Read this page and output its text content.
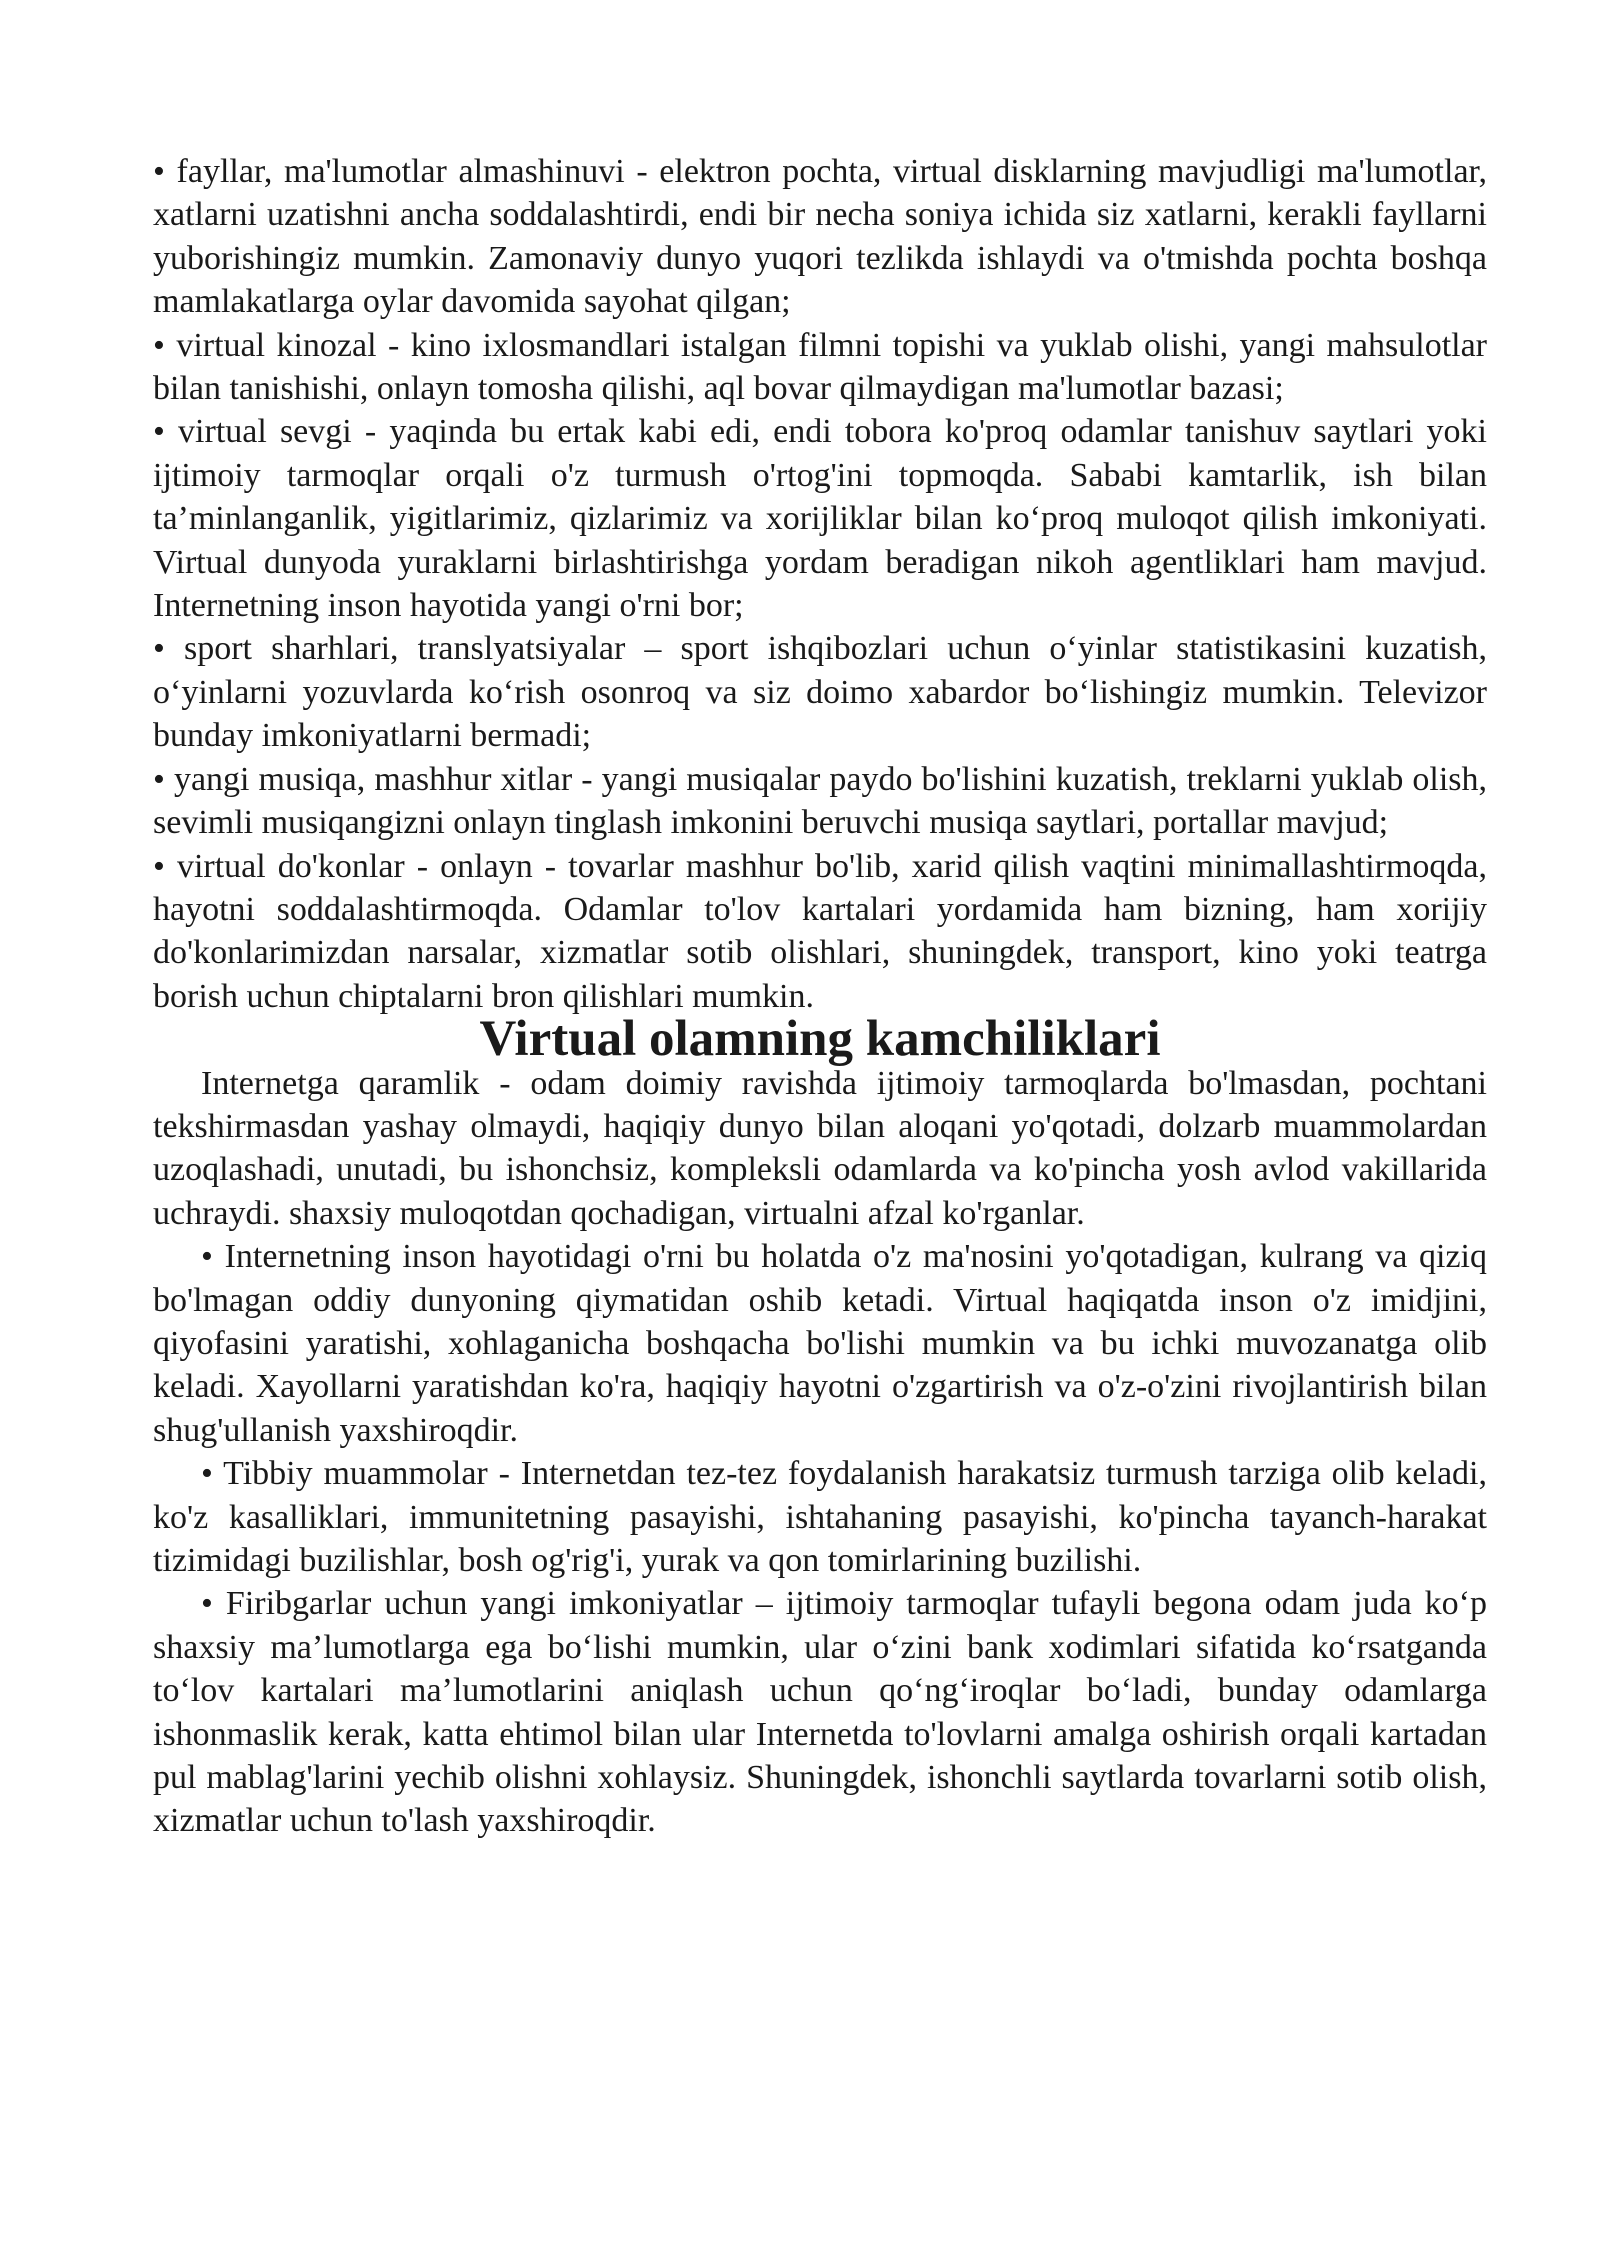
• fayllar, ma'lumotlar almashinuvi - elektron pochta, virtual disklarning mavjudligi ma'lumotlar, xatlarni uzatishni ancha soddalashtirdi, endi bir necha soniya ichida siz xatlarni, kerakli fayllarni yuborishingiz mumkin. Zamonaviy dunyo yuqori tezlikda ishlaydi va o'tmishda pochta boshqa mamlakatlarga oylar davomida sayohat qilgan;

• virtual kinozal - kino ixlosmandlari istalgan filmni topishi va yuklab olishi, yangi mahsulotlar bilan tanishishi, onlayn tomosha qilishi, aql bovar qilmaydigan ma'lumotlar bazasi;

• virtual sevgi - yaqinda bu ertak kabi edi, endi tobora ko'proq odamlar tanishuv saytlari yoki ijtimoiy tarmoqlar orqali o'z turmush o'rtog'ini topmoqda. Sababi kamtarlik, ish bilan ta’minlanganlik, yigitlarimiz, qizlarimiz va xorijliklar bilan ko‘proq muloqot qilish imkoniyati. Virtual dunyoda yuraklarni birlashtirishga yordam beradigan nikoh agentliklari ham mavjud. Internetning inson hayotida yangi o'rni bor;

• sport sharhlari, translyatsiyalar – sport ishqibozlari uchun o‘yinlar statistikasini kuzatish, o‘yinlarni yozuvlarda ko‘rish osonroq va siz doimo xabardor bo‘lishingiz mumkin. Televizor bunday imkoniyatlarni bermadi;

• yangi musiqa, mashhur xitlar - yangi musiqalar paydo bo'lishini kuzatish, treklarni yuklab olish, sevimli musiqangizni onlayn tinglash imkonini beruvchi musiqa saytlari, portallar mavjud;

• virtual do'konlar - onlayn - tovarlar mashhur bo'lib, xarid qilish vaqtini minimallashtirmoqda, hayotni soddalashtirmoqda. Odamlar to'lov kartalari yordamida ham bizning, ham xorijiy do'konlarimizdan narsalar, xizmatlar sotib olishlari, shuningdek, transport, kino yoki teatrga borish uchun chiptalarni bron qilishlari mumkin.

Virtual olamning kamchiliklari

Internetga qaramlik - odam doimiy ravishda ijtimoiy tarmoqlarda bo'lmasdan, pochtani tekshirmasdan yashay olmaydi, haqiqiy dunyo bilan aloqani yo'qotadi, dolzarb muammolardan uzoqlashadi, unutadi, bu ishonchsiz, kompleksli odamlarda va ko'pincha yosh avlod vakillarida uchraydi. shaxsiy muloqotdan qochadigan, virtualni afzal ko'rganlar.

• Internetning inson hayotidagi o'rni bu holatda o'z ma'nosini yo'qotadigan, kulrang va qiziq bo'lmagan oddiy dunyoning qiymatidan oshib ketadi. Virtual haqiqatda inson o'z imidjini, qiyofasini yaratishi, xohlaganicha boshqacha bo'lishi mumkin va bu ichki muvozanatga olib keladi. Xayollarni yaratishdan ko'ra, haqiqiy hayotni o'zgartirish va o'z-o'zini rivojlantirish bilan shug'ullanish yaxshiroqdir.

• Tibbiy muammolar - Internetdan tez-tez foydalanish harakatsiz turmush tarziga olib keladi, ko'z kasalliklari, immunitetning pasayishi, ishtahaning pasayishi, ko'pincha tayanch-harakat tizimidagi buzilishlar, bosh og'rig'i, yurak va qon tomirlarining buzilishi.

• Firibgarlar uchun yangi imkoniyatlar – ijtimoiy tarmoqlar tufayli begona odam juda ko‘p shaxsiy ma’lumotlarga ega bo‘lishi mumkin, ular o‘zini bank xodimlari sifatida ko‘rsatganda to‘lov kartalari ma’lumotlarini aniqlash uchun qo‘ng‘iroqlar bo‘ladi, bunday odamlarga ishonmaslik kerak, katta ehtimol bilan ular Internetda to'lovlarni amalga oshirish orqali kartadan pul mablag'larini yechib olishni xohlaysiz. Shuningdek, ishonchli saytlarda tovarlarni sotib olish, xizmatlar uchun to'lash yaxshiroqdir.
